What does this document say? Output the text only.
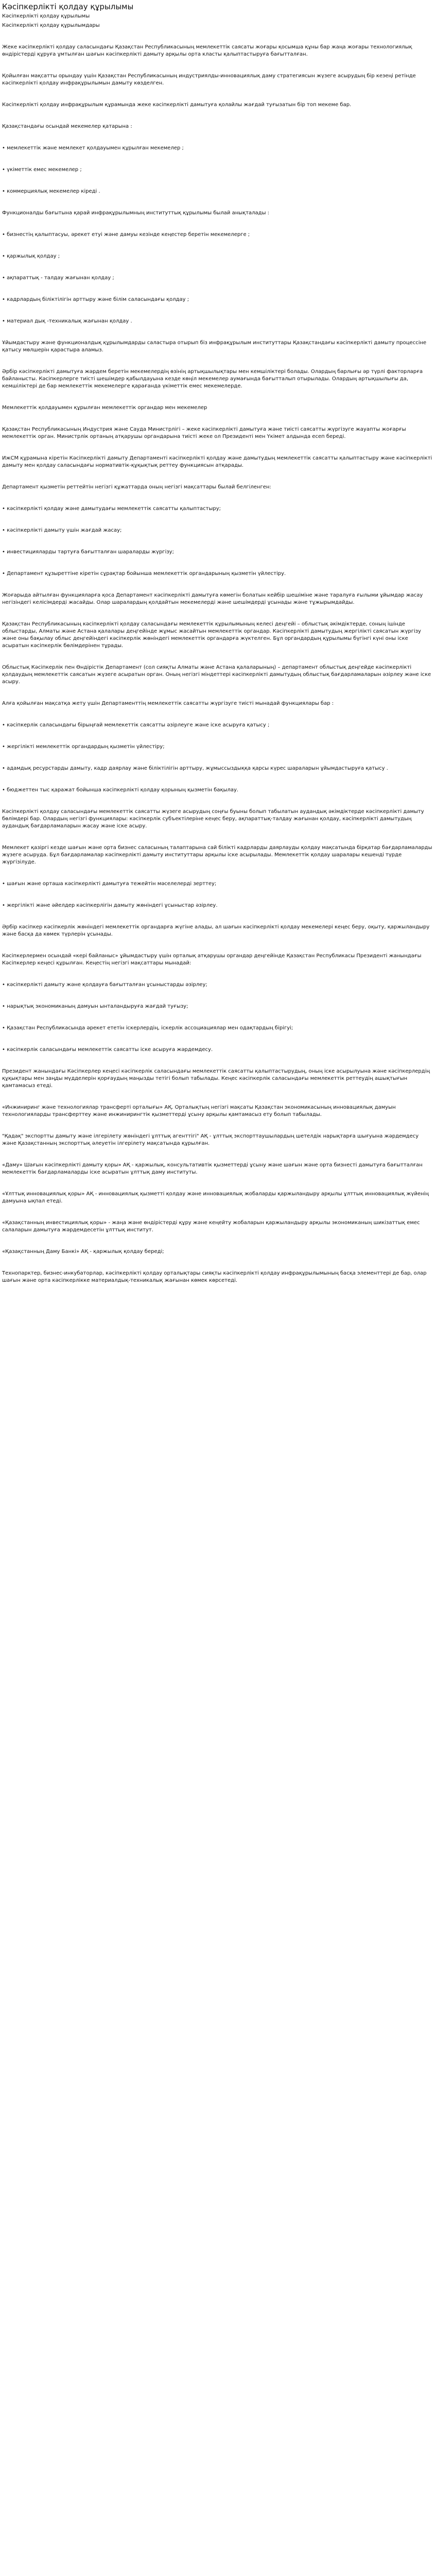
Кәсіпкерлікті қолдау құрылымы
Кәсіпкерлікті қолдау құрылымы

Кәсіпкерлікті қолдау құрылымдары

Жеке кәсіпкерлікті қолдау саласындағы Қазақстан Республикасының мемлекеттік саясаты жоғары қосымша құны бар жаңа жоғары технологиялық өндірістерді құруға ұмтылған шағын кәсіпкерлікті дамыту арқылы орта класты қалыптастыруға бағытталған.

Қойылған мақсатты орындау үшін Қазақстан Республикасының индустриялды-инновациялық даму стратегиясын жүзеге асырудың бір кезеңі ретінде кәсіпкерлікті қолдау инфрақұрылымын дамыту көзделген.

Кәсіпкерлікті қолдау инфрақұрылым құрамында жеке кәсіпкерлікті дамытуға қолайлы жағдай туғызатын бір топ мекеме бар.

Қазақстандағы осындай мекемелер қатарына :

• мемлекеттік және мемлекет қолдауымен құрылған мекемелер ;

• үкіметтік емес мекемелер ;

• коммерциялық мекемелер кіреді .

Функционалды бағытына қарай инфрақұрылымның институттық құрылымы былай анықталады :

• бизнестің қалыптасуы, әрекет етуі және дамуы кезінде кеңестер беретін мекемелерге ;

• қаржылық қолдау ;

• ақпараттық - талдау жағынан қолдау ;

• кадрлардың біліктілігін арттыру және білім саласындағы қолдау ;

• материал дық -техникалық жағынан қолдау .

Ұйымдастыру және функционалдық құрылымдарды саластыра отырып біз инфрақұрылым институттары Қазақстандағы кәсіпкерлікті дамыту процессіне қатысу мөлшерін қарастыра аламыз.

Әрбір кәсіпкерлікті дамытуға жәрдем беретін мекемелердің өзінің артықшылықтары мен кемшіліктері болады. Олардың барлығы әр түрлі факторларға байланысты. Кәсіпкерлерге тиісті шешімдер қабылдауына кезде көңіл мекемелер аумағында бағытталып отырылады. Олардың артықшылығы да, кемшіліктері де бар мемлекеттік мекемелерге қарағанда үкіметтік емес мекемелерде.

Мемлекеттік қолдауымен құрылған мемлекеттік органдар мен мекемелер

Қазақстан Республикасының Индустрия және Сауда Министрлігі – жеке кәсіпкерлікті дамытуға және тиісті саясатты жүргізуге жауапты жоғарғы мемлекеттік орган. Министрлік ортаның атқарушы органдарына тиісті жеке ол Президенті мен Үкімет алдында есеп береді.

ИжСМ құрамына кіретін Кәсіпкерлікті дамыту Департаменті кәсіпкерлікті қолдау және дамытудың мемлекеттік саясатты қалыптастыру және кәсіпкерлікті дамыту мен қолдау саласындағы нормативтік-құқықтық реттеу функциясын атқарады.

Департамент қызметін реттейтін негізгі құжаттарда оның негізгі мақсаттары былай белгіленген:

• кәсіпкерлікті қолдау және дамытудағы мемлекеттік саясатты қалыптастыру;

• кәсіпкерлікті дамыту үшін жағдай жасау;

• инвестицияларды тартуға бағытталған шараларды жүргізу;

• Департамент құзыреттіне кіретін сұрақтар бойынша мемлекеттік органдарының қызметін үйлестіру.

Жоғарыда айтылған функцияларға қоса Департамент кәсіпкерлікті дамытуға көмегін болатын кейбір шешіміне және таралуға ғылыми ұйымдар жасау негізіндегі келісімдерді жасайды. Олар шаралардың қолдайтын мекемелерді және шешімдерді ұсынады және тұжырымдайды.

Қазақстан Республикасының кәсіпкерлікті қолдау саласындағы мемлекеттік құрылымының келесі деңгейі – облыстық әкімдіктерде, соның ішінде облыстарды, Алматы және Астана қалалары деңгейінде жұмыс жасайтын мемлекеттік органдар. Кәсіпкерлікті дамытудың жергілікті саясатын жүргізу және оны бақылау облыс деңгейіндегі кәсіпкерлік жөніндегі мемлекеттік органдарға жүктелген. Бұл органдардың құрылымы бүгінгі күні оны іске асыратын кәсіпкерлік бөлімдерінен тұрады.

Облыстық Кәсіпкерлік пен Өндірістік Департамент (сол сияқты Алматы және Астана қалаларының) – департамент облыстық деңгейде кәсіпкерлікті қолдаудың мемлекеттік саясатын жүзеге асыратын орган. Оның негізгі міндеттері кәсіпкерлікті дамытудың облыстық бағдарламаларын әзірлеу және іске асыру.

Алға қойылған мақсатқа жету үшін Департаменттің мемлекеттік саясатты жүргізуге тиісті мынадай функциялары бар :

• кәсіпкерлік саласындағы бірыңғай мемлекеттік саясатты әзірлеуге және іске асыруға қатысу ;

• жергілікті мемлекеттік органдардың қызметін үйлестіру;

• адамдық ресурстарды дамыту, кадр даярлау және біліктілігін арттыру, жұмыссыздыққа қарсы күрес шараларын ұйымдастыруға қатысу .

• бюджеттен тыс қаражат бойынша кәсіпкерлікті қолдау қорының қызметін бақылау.

Кәсіпкерлікті қолдау саласындағы мемлекеттік саясатты жүзеге асырудың соңғы буыны болып табылатын аудандық әкімдіктерде кәсіпкерлікті дамыту бөлімдері бар. Олардың негізгі функциялары: кәсіпкерлік субъектілеріне кеңес беру, ақпараттық-талдау жағынан қолдау, кәсіпкерлікті дамытудың аудандық бағдарламаларын жасау және іске асыру.

Мемлекет қазіргі кезде шағын және орта бизнес саласының талаптарына сай білікті кадрларды даярлауды қолдау мақсатында бірқатар бағдарламаларды жүзеге асыруда. Бұл бағдарламалар кәсіпкерлікті дамыту институттары арқылы іске асырылады. Мемлекеттік қолдау шаралары кешенді түрде жүргізілуде.

• шағын және орташа кәсіпкерлікті дамытуға тежейтін мәселелерді зерттеу;

• жергілікті және әйелдер кәсіпкерлігін дамыту жөніндегі ұсыныстар әзірлеу.

Әрбір кәсіпкер кәсіпкерлік жөніндегі мемлекеттік органдарға жүгіне алады, ал шағын кәсіпкерлікті қолдау мекемелері кеңес беру, оқыту, қаржыландыру және басқа да көмек түрлерін ұсынады.

Кәсіпкерлермен осындай «кері байланыс» ұйымдастыру үшін орталық атқарушы органдар деңгейінде Қазақстан Республикасы Президенті жанындағы Кәсіпкерлер кеңесі құрылған. Кеңестің негізгі мақсаттары мынадай:

• кәсіпкерлікті дамыту және қолдауға бағытталған ұсыныстарды әзірлеу;

• нарықтық экономиканың дамуын ынталандыруға жағдай туғызу;

• Қазақстан Республикасында әрекет ететін іскерлердің, іскерлік ассоциациялар мен одақтардың бірігуі;

• кәсіпкерлік саласындағы мемлекеттік саясатты іске асыруға жәрдемдесу.

Президент жанындағы Кәсіпкерлер кеңесі кәсіпкерлік саласындағы мемлекеттік саясатты қалыптастырудың, оның іске асырылуына және кәсіпкерлердің құқықтары мен заңды мүдделерін қорғаудың маңызды тетігі болып табылады. Кеңес кәсіпкерлік саласындағы мемлекеттік реттеудің ашықтығын қамтамасыз етеді.

«Инжиниринг және технологиялар трансферті орталығы» АҚ. Орталықтың негізгі мақсаты Қазақстан экономикасының инновациялық дамуын технологияларды трансферттеу және инжинирингтік қызметтерді ұсыну арқылы қамтамасыз ету болып табылады.

"Қадақ" экспортты дамыту және ілгерілету жөніндегі ұлттық агенттігі" АҚ - ұлттық экспорттаушылардың шетелдік нарықтарға шығуына жәрдемдесу және Қазақстанның экспорттық әлеуетін ілгерілету мақсатында құрылған.

«Даму» Шағын кәсіпкерлікті дамыту қоры» АҚ - қаржылық, консультативтік қызметтерді ұсыну және шағын және орта бизнесті дамытуға бағытталған мемлекеттік бағдарламаларды іске асыратын ұлттық даму институты.

«Ұлттық инновациялық қоры» АҚ - инновациялық қызметті қолдау және инновациялық жобаларды қаржыландыру арқылы ұлттық инновациялық жүйенің дамуына ықпал етеді.

«Қазақстанның инвестициялық қоры» - жаңа және өндірістерді құру және кеңейту жобаларын қаржыландыру арқылы экономиканың шикізаттық емес салаларын дамытуға жәрдемдесетін ұлттық институт.

«Қазақстанның Даму Банкі» АҚ - қаржылық қолдау береді;

Технопарктер, бизнес-инкубаторлар, кәсіпкерлікті қолдау орталықтары сияқты кәсіпкерлікті қолдау инфрақұрылымының басқа элементтері де бар, олар шағын және орта кәсіпкерлікке материалдық-техникалық жағынан көмек көрсетеді.
